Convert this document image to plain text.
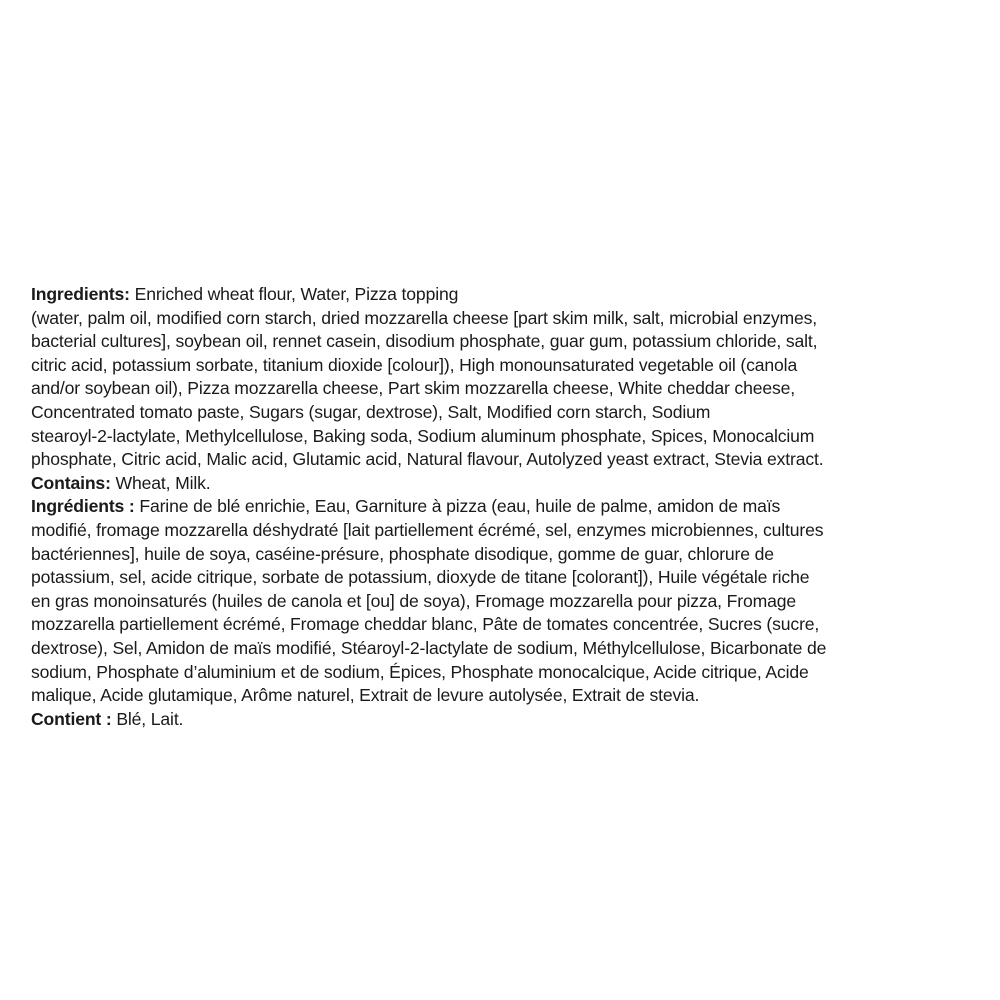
Ingredients: Enriched wheat flour, Water, Pizza topping
(water, palm oil, modified corn starch, dried mozzarella cheese [part skim milk, salt, microbial enzymes,
bacterial cultures], soybean oil, rennet casein, disodium phosphate, guar gum, potassium chloride, salt,
citric acid, potassium sorbate, titanium dioxide [colour]), High monounsaturated vegetable oil (canola
and/or soybean oil), Pizza mozzarella cheese, Part skim mozzarella cheese, White cheddar cheese,
Concentrated tomato paste, Sugars (sugar, dextrose), Salt, Modified corn starch, Sodium
stearoyl-2-lactylate, Methylcellulose, Baking soda, Sodium aluminum phosphate, Spices, Monocalcium
phosphate, Citric acid, Malic acid, Glutamic acid, Natural flavour, Autolyzed yeast extract, Stevia extract.
Contains: Wheat, Milk.
Ingrédients : Farine de blé enrichie, Eau, Garniture à pizza (eau, huile de palme, amidon de maïs
modifié, fromage mozzarella déshydraté [lait partiellement écrémé, sel, enzymes microbiennes, cultures
bactériennes], huile de soya, caséine-présure, phosphate disodique, gomme de guar, chlorure de
potassium, sel, acide citrique, sorbate de potassium, dioxyde de titane [colorant]), Huile végétale riche
en gras monoinsaturés (huiles de canola et [ou] de soya), Fromage mozzarella pour pizza, Fromage
mozzarella partiellement écrémé, Fromage cheddar blanc, Pâte de tomates concentrée, Sucres (sucre,
dextrose), Sel, Amidon de maïs modifié, Stéaroyl-2-lactylate de sodium, Méthylcellulose, Bicarbonate de
sodium, Phosphate d’aluminium et de sodium, Épices, Phosphate monocalcique, Acide citrique, Acide
malique, Acide glutamique, Arôme naturel, Extrait de levure autolysée, Extrait de stevia.
Contient : Blé, Lait.
